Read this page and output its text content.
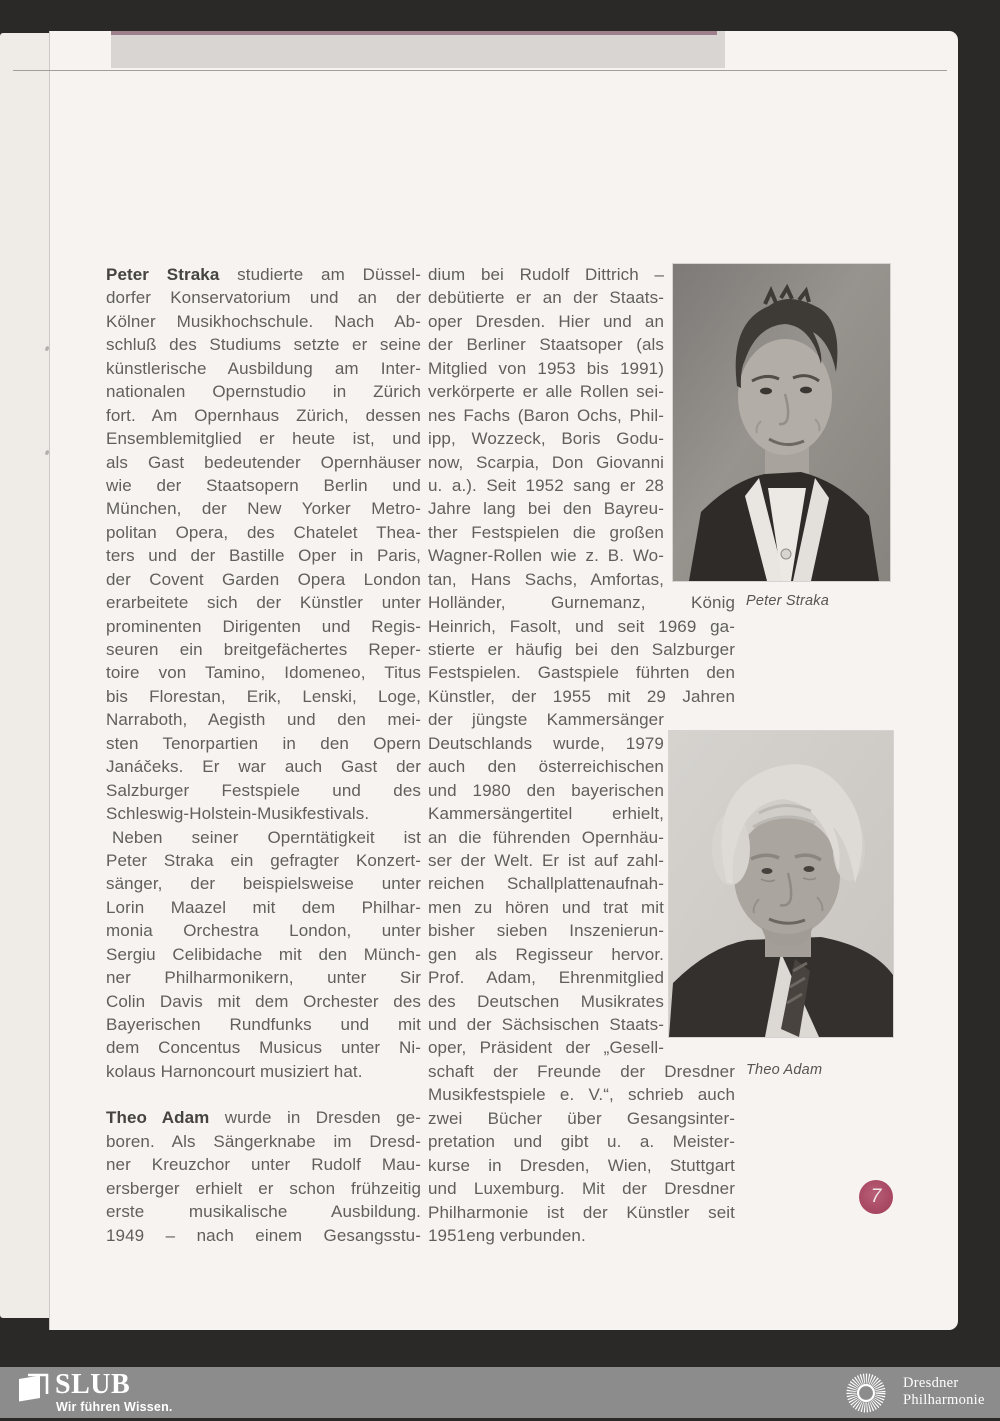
Peter Straka studierte am Düssel-
dorfer Konservatorium und an der
Kölner Musikhochschule. Nach Ab-
schluß des Studiums setzte er seine
künstlerische Ausbildung am Inter-
nationalen Opernstudio in Zürich
fort. Am Opernhaus Zürich, dessen
Ensemblemitglied er heute ist, und
als Gast bedeutender Opernhäuser
wie der Staatsopern Berlin und
München, der New Yorker Metro-
politan Opera, des Chatelet Thea-
ters und der Bastille Oper in Paris,
der Covent Garden Opera London
erarbeitete sich der Künstler unter
prominenten Dirigenten und Regis-
seuren ein breitgefächertes Reper-
toire von Tamino, Idomeneo, Titus
bis Florestan, Erik, Lenski, Loge,
Narraboth, Aegisth und den mei-
sten Tenorpartien in den Opern
Janáčeks. Er war auch Gast der
Salzburger Festspiele und des
Schleswig-Holstein-Musikfestivals.
Neben seiner Operntätigkeit ist
Peter Straka ein gefragter Konzert-
sänger, der beispielsweise unter
Lorin Maazel mit dem Philhar-
monia Orchestra London, unter
Sergiu Celibidache mit den Münch-
ner Philharmonikern, unter Sir
Colin Davis mit dem Orchester des
Bayerischen Rundfunks und mit
dem Concentus Musicus unter Ni-
kolaus Harnoncourt musiziert hat.
Theo Adam wurde in Dresden ge-
boren. Als Sängerknabe im Dresd-
ner Kreuzchor unter Rudolf Mau-
ersberger erhielt er schon frühzeitig
erste musikalische Ausbildung.
1949 – nach einem Gesangsstu-
dium bei Rudolf Dittrich –
debütierte er an der Staats-
oper Dresden. Hier und an
der Berliner Staatsoper (als
Mitglied von 1953 bis 1991)
verkörperte er alle Rollen sei-
nes Fachs (Baron Ochs, Phil-
ipp, Wozzeck, Boris Godu-
now, Scarpia, Don Giovanni
u. a.). Seit 1952 sang er 28
Jahre lang bei den Bayreu-
ther Festspielen die großen
Wagner-Rollen wie z. B. Wo-
tan, Hans Sachs, Amfortas,
Holländer, Gurnemanz, König
Heinrich, Fasolt, und seit 1969 ga-
stierte er häufig bei den Salzburger
Festspielen. Gastspiele führten den
Künstler, der 1955 mit 29 Jahren
der jüngste Kammersänger
Deutschlands wurde, 1979
auch den österreichischen
und 1980 den bayerischen
Kammersängertitel erhielt,
an die führenden Opernhäu-
ser der Welt. Er ist auf zahl-
reichen Schallplattenaufnah-
men zu hören und trat mit
bisher sieben Inszenierun-
gen als Regisseur hervor.
Prof. Adam, Ehrenmitglied
des Deutschen Musikrates
und der Sächsischen Staats-
oper, Präsident der „Gesell-
schaft der Freunde der Dresdner
Musikfestspiele e. V.“, schrieb auch
zwei Bücher über Gesangsinter-
pretation und gibt u. a. Meister-
kurse in Dresden, Wien, Stuttgart
und Luxemburg. Mit der Dresdner
Philharmonie ist der Künstler seit
1951eng verbunden.
Peter Straka
Theo Adam
7
SLUB
Wir führen Wissen.
Dresdner
Philharmonie
